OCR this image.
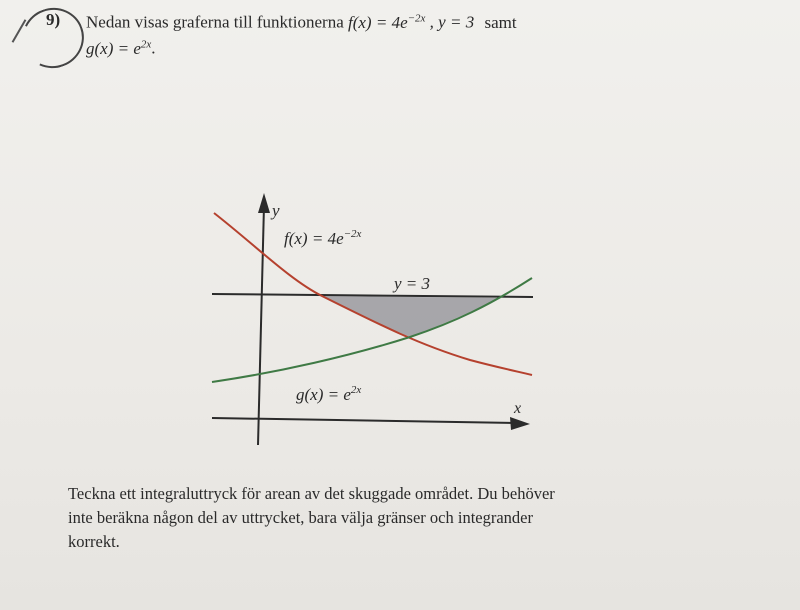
9) Nedan visas graferna till funktionerna $f(x) = 4e^{-2x}$ , y = 3 samt
$g(x) = e^{2x}$.
y
x
$f(x) = 4e^{-2x}$
y = 3
$g(x) = e^{2x}$
Teckna ett integraluttryck för arean av det skuggade området. Du behöver
inte beräkna någon del av uttrycket, bara välja gränser och integrander
korrekt.
